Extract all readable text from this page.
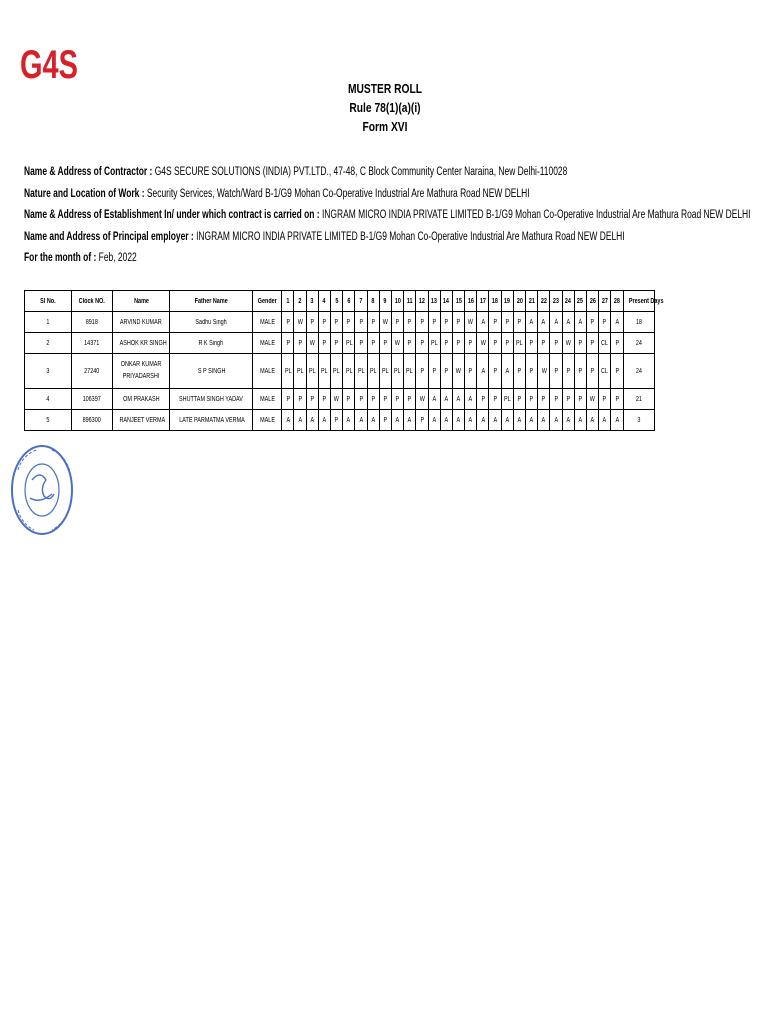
G4S
MUSTER ROLL
Rule 78(1)(a)(i)
Form XVI
Name & Address of Contractor : G4S SECURE SOLUTIONS (INDIA) PVT.LTD., 47-48, C Block Community Center Naraina, New Delhi-110028
Nature and Location of Work : Security Services, Watch/Ward B-1/G9 Mohan Co-Operative Industrial Are Mathura Road NEW DELHI
Name & Address of Establishment In/ under which contract is carried on : INGRAM MICRO INDIA PRIVATE LIMITED B-1/G9 Mohan Co-Operative Industrial Are Mathura Road NEW DELHI
Name and Address of Principal employer : INGRAM MICRO INDIA PRIVATE LIMITED B-1/G9 Mohan Co-Operative Industrial Are Mathura Road NEW DELHI
For the month of : Feb, 2022
Sl No.	Clock NO.	Name	Father Name	Gender	1	2	3	4	5	6	7	8	9	10	11	12	13	14	15	16	17	18	19	20	21	22	23	24	25	26	27	28	Present Days
1	8918	ARVIND KUMAR	Sadhu Singh	MALE	P	W	P	P	P	P	P	P	W	P	P	P	P	P	P	W	A	P	P	P	A	A	A	A	A	P	P	A	18
2	14371	ASHOK KR SINGH	R K Singh	MALE	P	P	W	P	P	PL	P	P	P	W	P	P	PL	P	P	P	W	P	P	PL	P	P	P	W	P	P	CL	P	24
3	27240	ONKAR KUMAR PRIYADARSHI	S P SINGH	MALE	PL	PL	PL	PL	PL	PL	PL	PL	PL	PL	PL	P	P	P	W	P	A	P	A	P	P	W	P	P	P	P	CL	P	24
4	106397	OM PRAKASH	SHUTTAM SINGH YADAV	MALE	P	P	P	P	W	P	P	P	P	P	P	W	A	A	A	A	P	P	PL	P	P	P	P	P	P	W	P	P	21
5	896300	RANJEET VERMA	LATE PARMATMA VERMA	MALE	A	A	A	A	P	A	A	A	P	A	A	P	A	A	A	A	A	A	A	A	A	A	A	A	A	A	A	A	3
